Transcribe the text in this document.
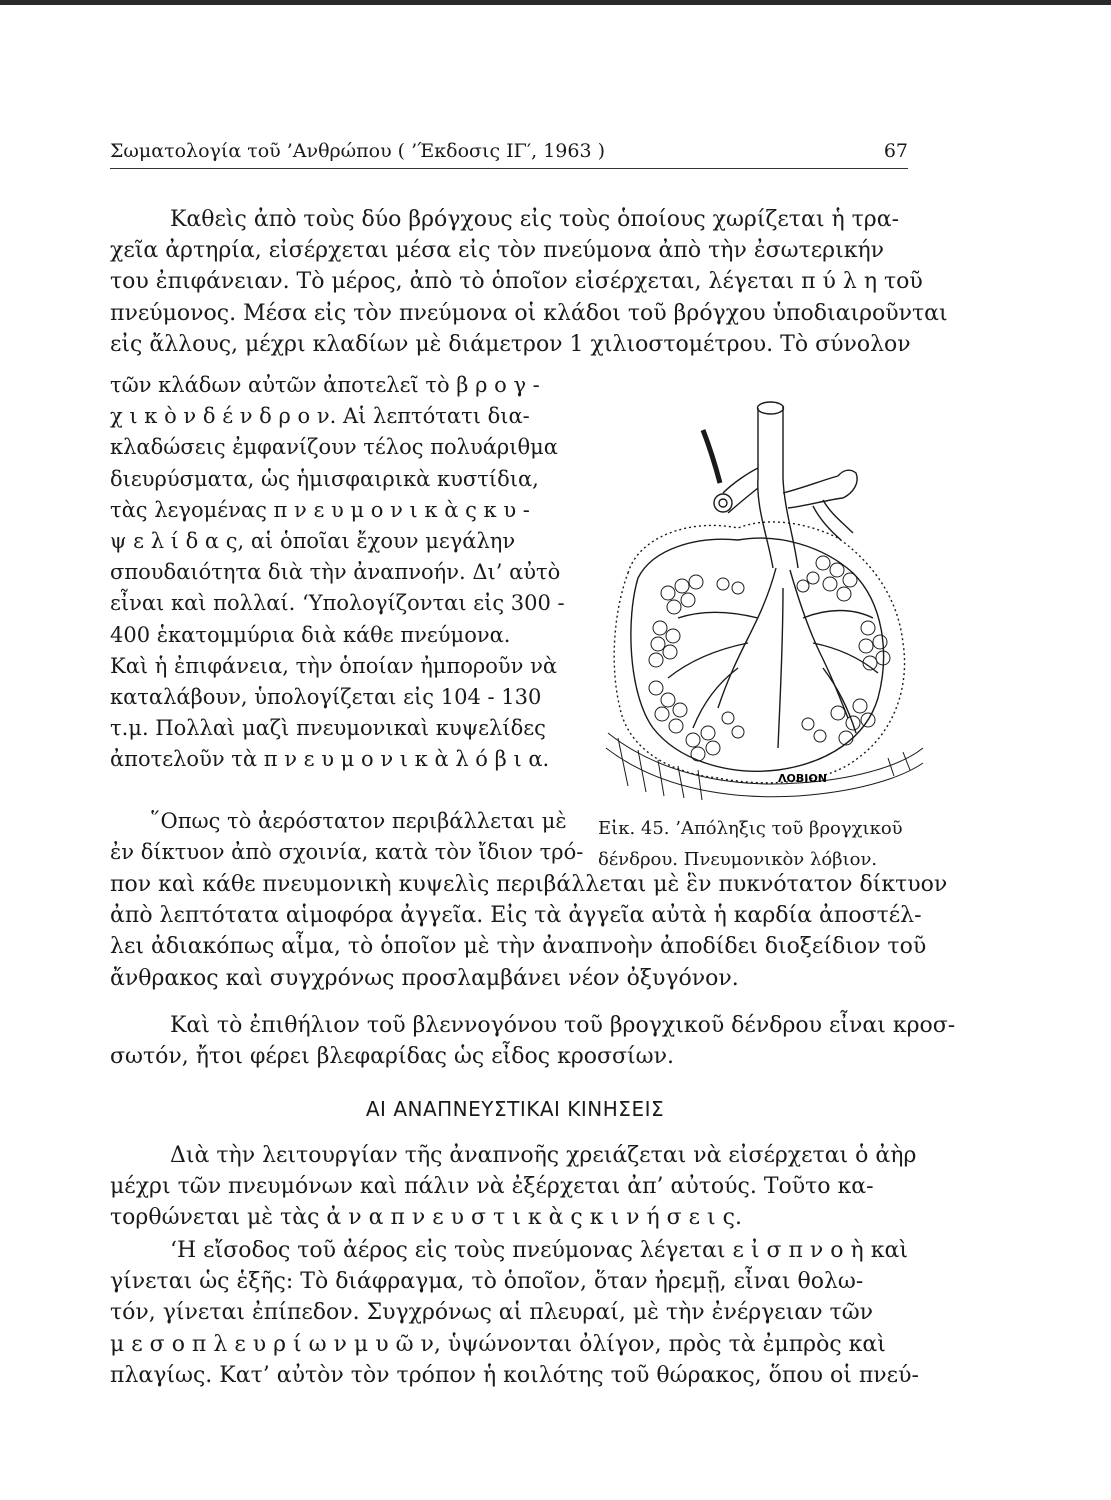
Σωματολογία τοῦ ’Ανθρώπου ( ’Έκδοσις ΙΓ′, 1963 )	67
Καθεὶς ἀπὸ τοὺς δύο βρόγχους εἰς τοὺς ὁποίους χωρίζεται ἡ τρα-
χεῖα ἀρτηρία, εἰσέρχεται μέσα εἰς τὸν πνεύμονα ἀπὸ τὴν ἐσωτερικήν
του ἐπιφάνειαν. Τὸ μέρος, ἀπὸ τὸ ὁποῖον εἰσέρχεται, λέγεται π ύ λ η τοῦ
πνεύμονος. Μέσα εἰς τὸν πνεύμονα οἱ κλάδοι τοῦ βρόγχου ὑποδιαιροῦνται
εἰς ἄλλους, μέχρι κλαδίων μὲ διάμετρον 1 χιλιοστομέτρου. Τὸ σύνολον
τῶν κλάδων αὐτῶν ἀποτελεῖ τὸ β ρ ο γ -
χ ι κ ὸ ν δ έ ν δ ρ ο ν. Αἱ λεπτότατι δια-
κλαδώσεις ἐμφανίζουν τέλος πολυάριθμα
διευρύσματα, ὡς ἡμισφαιρικὰ κυστίδια,
τὰς λεγομένας π ν ε υ μ ο ν ι κ ὰ ς κ υ -
ψ ε λ ί δ α ς, αἱ ὁποῖαι ἔχουν μεγάλην
σπουδαιότητα διὰ τὴν ἀναπνοήν. Δι’ αὐτὸ
εἶναι καὶ πολλαί. ‘Υπολογίζονται εἰς 300 -
400 ἑκατομμύρια διὰ κάθε πνεύμονα.
Καὶ ἡ ἐπιφάνεια, τὴν ὁποίαν ἠμποροῦν νὰ
καταλάβουν, ὑπολογίζεται εἰς 104 - 130
τ.μ. Πολλαὶ μαζὶ πνευμονικαὶ κυψελίδες
ἀποτελοῦν τὰ π ν ε υ μ ο ν ι κ ὰ λ ό β ι α.
῞Οπως τὸ ἀερόστατον περιβάλλεται μὲ
ἐν δίκτυον ἀπὸ σχοινία, κατὰ τὸν ἴδιον τρό-
ΛΟΒΙΟΝ
Εἰκ. 45. ’Απόληξις τοῦ βρογχικοῦ
δένδρου. Πνευμονικὸν λόβιον.
πον καὶ κάθε πνευμονικὴ κυψελὶς περιβάλλεται μὲ ἓν πυκνότατον δίκτυον
ἀπὸ λεπτότατα αἱμοφόρα ἀγγεῖα. Εἰς τὰ ἀγγεῖα αὐτὰ ἡ καρδία ἀποστέλ-
λει ἀδιακόπως αἷμα, τὸ ὁποῖον μὲ τὴν ἀναπνοὴν ἀποδίδει διοξείδιον τοῦ
ἄνθρακος καὶ συγχρόνως προσλαμβάνει νέον ὀξυγόνον.
Καὶ τὸ ἐπιθήλιον τοῦ βλεννογόνου τοῦ βρογχικοῦ δένδρου εἶναι κροσ-
σωτόν, ἤτοι φέρει βλεφαρίδας ὡς εἶδος κροσσίων.
ΑΙ ΑΝΑΠΝΕΥΣΤΙΚΑΙ ΚΙΝΗΣΕΙΣ
Διὰ τὴν λειτουργίαν τῆς ἀναπνοῆς χρειάζεται νὰ εἰσέρχεται ὁ ἀὴρ
μέχρι τῶν πνευμόνων καὶ πάλιν νὰ ἐξέρχεται ἀπ’ αὐτούς. Τοῦτο κα-
τορθώνεται μὲ τὰς ἀ ν α π ν ε υ σ τ ι κ ὰ ς κ ι ν ή σ ε ι ς.
‘Η εἴσοδος τοῦ ἀέρος εἰς τοὺς πνεύμονας λέγεται ε ἰ σ π ν ο ὴ καὶ
γίνεται ὡς ἑξῆς: Τὸ διάφραγμα, τὸ ὁποῖον, ὅταν ἠρεμῇ, εἶναι θολω-
τόν, γίνεται ἐπίπεδον. Συγχρόνως αἱ πλευραί, μὲ τὴν ἐνέργειαν τῶν
μ ε σ ο π λ ε υ ρ ί ω ν μ υ ῶ ν, ὑψώνονται ὀλίγον, πρὸς τὰ ἐμπρὸς καὶ
πλαγίως. Κατ’ αὐτὸν τὸν τρόπον ἡ κοιλότης τοῦ θώρακος, ὅπου οἱ πνεύ-
